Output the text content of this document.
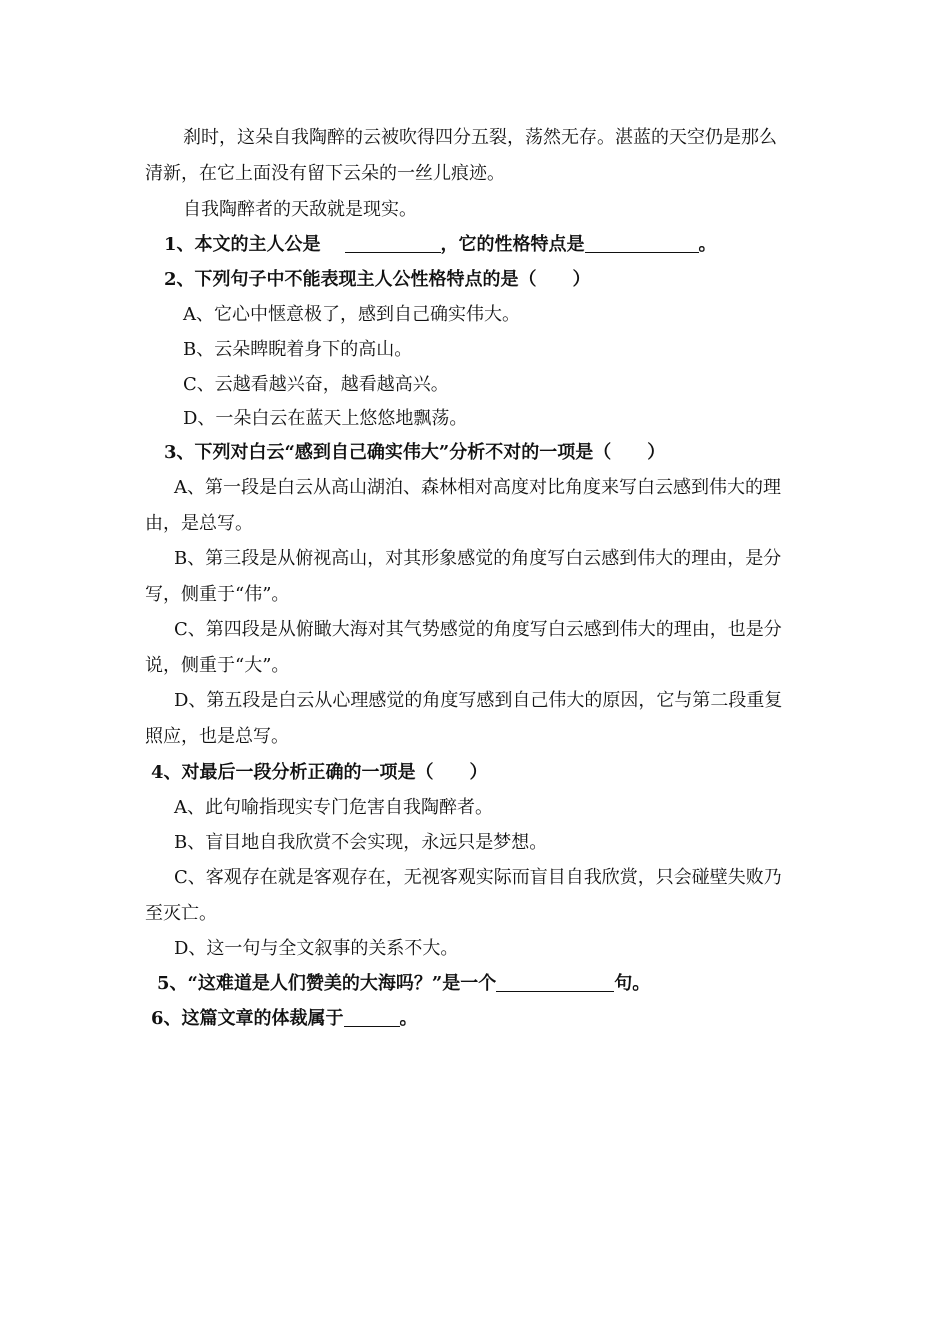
刹时，这朵自我陶醉的云被吹得四分五裂，荡然无存。湛蓝的天空仍是那么

清新，在它上面没有留下云朵的一丝儿痕迹。

自我陶醉者的天敌就是现实。

1、本文的主人公是	，它的性格特点是	。

2、下列句子中不能表现主人公性格特点的是（　　）

A、它心中惬意极了，感到自己确实伟大。

B、云朵睥睨着身下的高山。

C、云越看越兴奋，越看越高兴。

D、一朵白云在蓝天上悠悠地飘荡。

3、下列对白云“感到自己确实伟大”分析不对的一项是（　　）

A、第一段是白云从高山湖泊、森林相对高度对比角度来写白云感到伟大的理

由，是总写。

B、第三段是从俯视高山，对其形象感觉的角度写白云感到伟大的理由，是分

写，侧重于“伟”。

C、第四段是从俯瞰大海对其气势感觉的角度写白云感到伟大的理由，也是分

说，侧重于“大”。

D、第五段是白云从心理感觉的角度写感到自己伟大的原因，它与第二段重复

照应，也是总写。

4、对最后一段分析正确的一项是（　　）

A、此句喻指现实专门危害自我陶醉者。

B、盲目地自我欣赏不会实现，永远只是梦想。

C、客观存在就是客观存在，无视客观实际而盲目自我欣赏，只会碰壁失败乃

至灭亡。

D、这一句与全文叙事的关系不大。

5、“这难道是人们赞美的大海吗？”是一个	句。

6、这篇文章的体裁属于	。
